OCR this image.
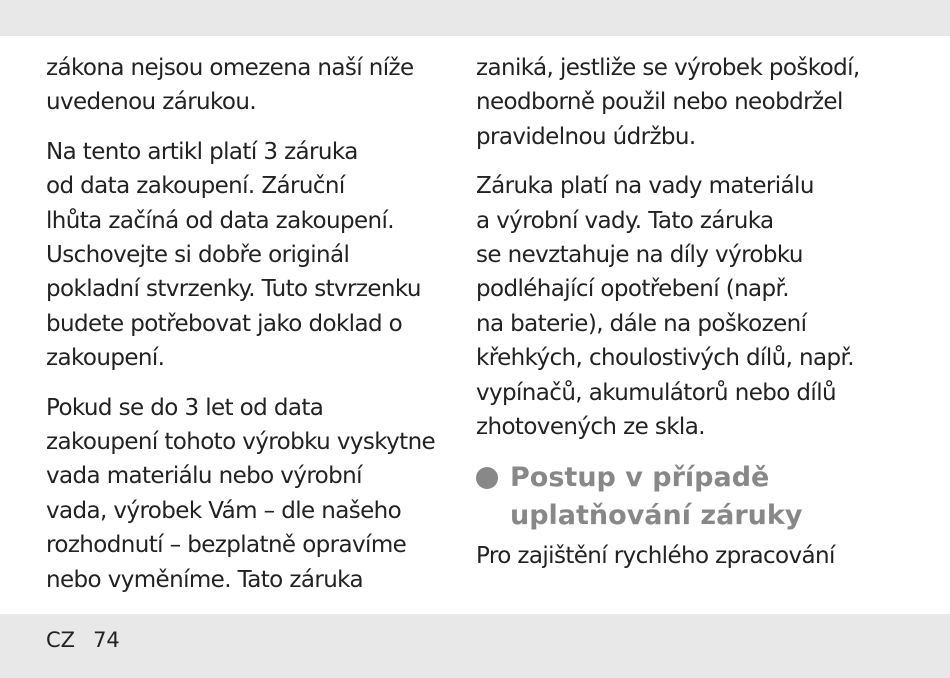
zákona nejsou omezena naší níže
uvedenou zárukou.

Na tento artikl platí 3 záruka
od data zakoupení. Záruční
lhůta začíná od data zakoupení.
Uschovejte si dobře originál
pokladní stvrzenky. Tuto stvrzenku
budete potřebovat jako doklad o
zakoupení.

Pokud se do 3 let od data
zakoupení tohoto výrobku vyskytne
vada materiálu nebo výrobní
vada, výrobek Vám – dle našeho
rozhodnutí – bezplatně opravíme
nebo vyměníme. Tato záruka

zaniká, jestliže se výrobek poškodí,
neodborně použil nebo neobdržel
pravidelnou údržbu.

Záruka platí na vady materiálu
a výrobní vady. Tato záruka
se nevztahuje na díly výrobku
podléhající opotřebení (např.
na baterie), dále na poškození
křehkých, choulostivých dílů, např.
vypínačů, akumulátorů nebo dílů
zhotovených ze skla.

Postup v případě
uplatňování záruky

Pro zajištění rychlého zpracování

CZ 74
